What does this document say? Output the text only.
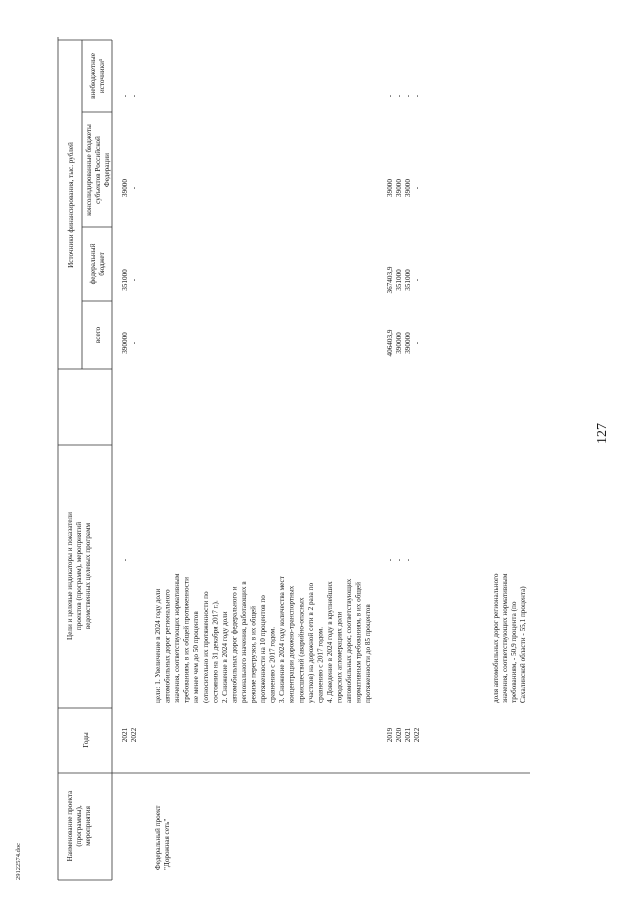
127
29122574.doc
Наименование проекта (программы), мероприятия
Годы
Цели и целевые индикаторы и показатели проектов (программ), мероприятий ведомственных целевых программ
Источники финансирования, тыс. рублей
всего
федеральный бюджет
консолидированные бюджеты субъектов Российской Федерации
внебюджетные источники¹
2021
-
390000
351000
39000
-
2022
-
-
-
-
Федеральный проект "Дорожная сеть"
цели: 1. Увеличение в 2024 году доли автомобильных дорог регионального значения, соответствующих нормативным требованиям, в их общей протяженности не менее чем до 50 процентов (относительно их протяженности по состоянию на 31 декабря 2017 г.). 2. Снижение в 2024 году доли автомобильных дорог федерального и регионального значения, работающих в режиме перегрузки, в их общей протяженности на 10 процентов по сравнению с 2017 годом. 3. Снижение в 2024 году количества мест концентрации дорожно-транспортных происшествий (аварийно-опасных участков) на дорожной сети в 2 раза по сравнению с 2017 годом. 4. Доведение в 2024 году в крупнейших городских агломерациях доли автомобильных дорог, соответствующих нормативным требованиям, в их общей протяженности до 85 процентов
2019
-
406403,9
367403,9
39000
-
2020
-
390000
351000
39000
-
2021
-
390000
351000
39000
-
2022
-
-
-
-
доля автомобильных дорог регионального значения, соответствующих нормативным требованиям, - 50,9 процента (по Сахалинской области - 55,1 процента)
